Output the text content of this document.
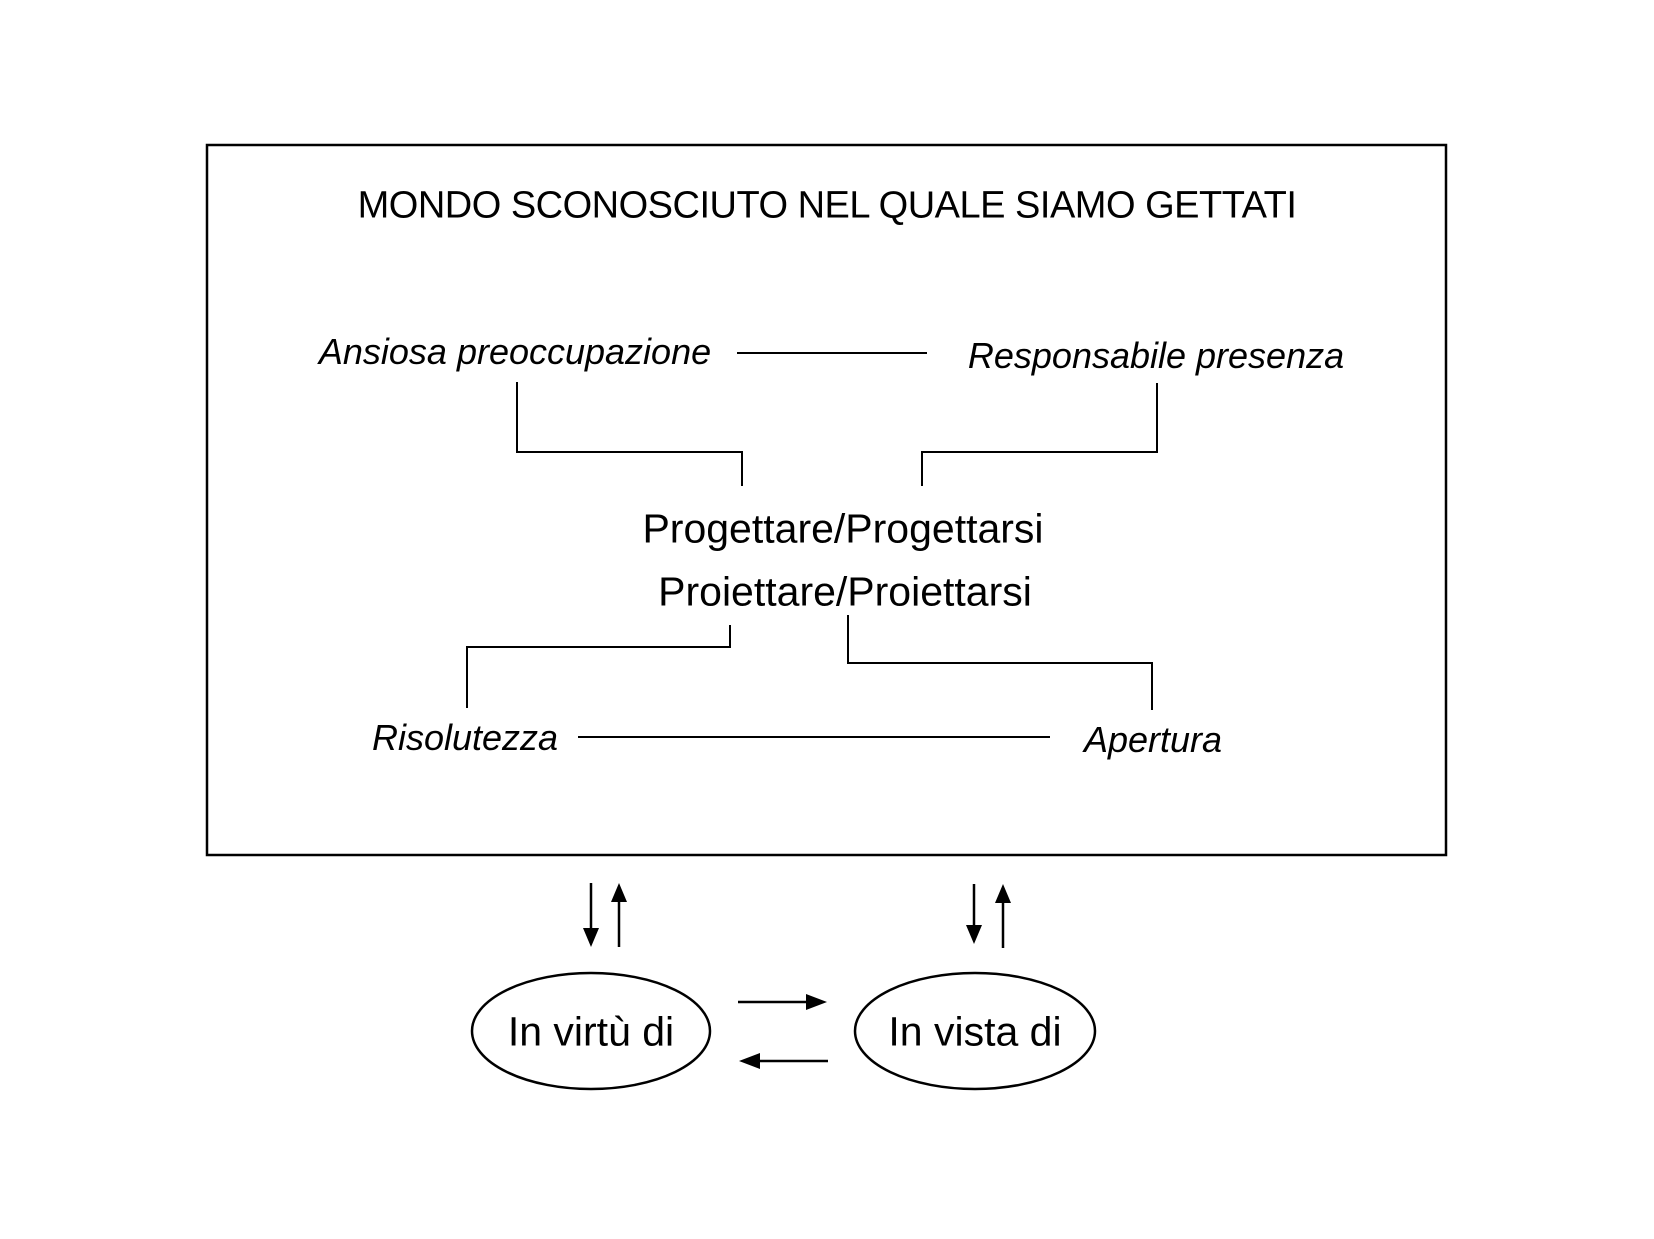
MONDO SCONOSCIUTO NEL QUALE SIAMO GETTATI
Ansiosa preoccupazione	Responsabile presenza
Progettare/Progettarsi
Proiettare/Proiettarsi
Risolutezza	Apertura
In virtù di	In vista di
